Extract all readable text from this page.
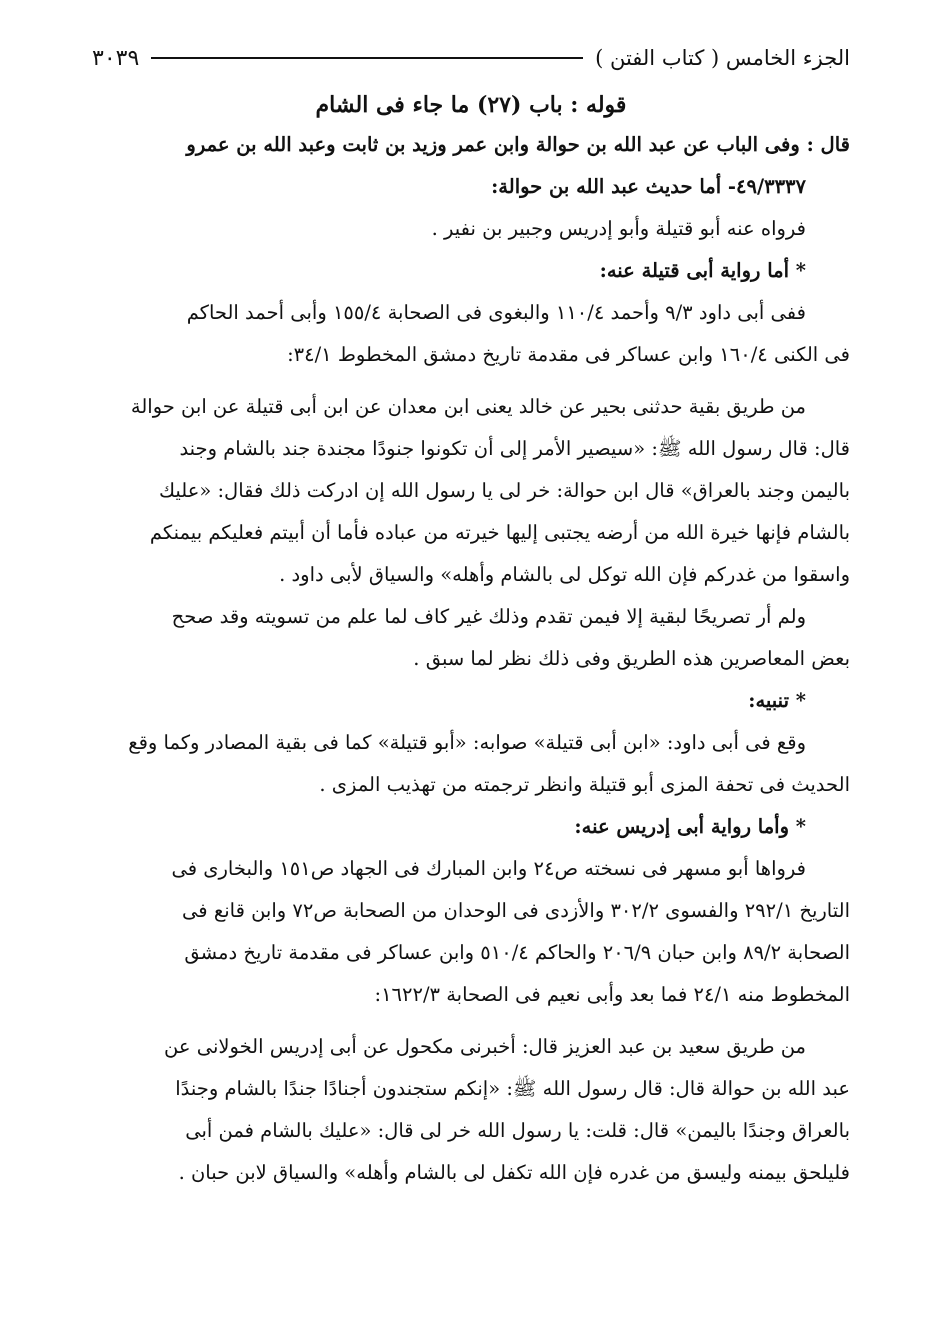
الجزء الخامس ( كتاب الفتن )
٣٠٣٩
قوله : باب (٢٧) ما جاء فى الشام
قال : وفى الباب عن عبد الله بن حوالة وابن عمر وزيد بن ثابت وعبد الله بن عمرو
٤٩/٣٣٣٧- أما حديث عبد الله بن حوالة:
فرواه عنه أبو قتيلة وأبو إدريس وجبير بن نفير .
* أما رواية أبى قتيلة عنه:
ففى أبى داود ٩/٣ وأحمد ١١٠/٤ والبغوى فى الصحابة ١٥٥/٤ وأبى أحمد الحاكم
فى الكنى ١٦٠/٤ وابن عساكر فى مقدمة تاريخ دمشق المخطوط ٣٤/١:
من طريق بقية حدثنى بحير عن خالد يعنى ابن معدان عن ابن أبى قتيلة عن ابن حوالة
قال: قال رسول الله ﷺ: «سيصير الأمر إلى أن تكونوا جنودًا مجندة جند بالشام وجند
باليمن وجند بالعراق» قال ابن حوالة: خر لى يا رسول الله إن ادركت ذلك فقال: «عليك
بالشام فإنها خيرة الله من أرضه يجتبى إليها خيرته من عباده فأما أن أبيتم فعليكم بيمنكم
واسقوا من غدركم فإن الله توكل لى بالشام وأهله» والسياق لأبى داود .
ولم أر تصريحًا لبقية إلا فيمن تقدم وذلك غير كاف لما علم من تسويته وقد صحح
بعض المعاصرين هذه الطريق وفى ذلك نظر لما سبق .
* تنبيه:
وقع فى أبى داود: «ابن أبى قتيلة» صوابه: «أبو قتيلة» كما فى بقية المصادر وكما وقع
الحديث فى تحفة المزى أبو قتيلة وانظر ترجمته من تهذيب المزى .
* وأما رواية أبى إدريس عنه:
فرواها أبو مسهر فى نسخته ص٢٤ وابن المبارك فى الجهاد ص١٥١ والبخارى فى
التاريخ ٢٩٢/١ والفسوى ٣٠٢/٢ والأزدى فى الوحدان من الصحابة ص٧٢ وابن قانع فى
الصحابة ٨٩/٢ وابن حبان ٢٠٦/٩ والحاكم ٥١٠/٤ وابن عساكر فى مقدمة تاريخ دمشق
المخطوط منه ٢٤/١ فما بعد وأبى نعيم فى الصحابة ١٦٢٢/٣:
من طريق سعيد بن عبد العزيز قال: أخبرنى مكحول عن أبى إدريس الخولانى عن
عبد الله بن حوالة قال: قال رسول الله ﷺ: «إنكم ستجندون أجنادًا جندًا بالشام وجندًا
بالعراق وجندًا باليمن» قال: قلت: يا رسول الله خر لى قال: «عليك بالشام فمن أبى
فليلحق بيمنه وليسق من غدره فإن الله تكفل لى بالشام وأهله» والسياق لابن حبان .
